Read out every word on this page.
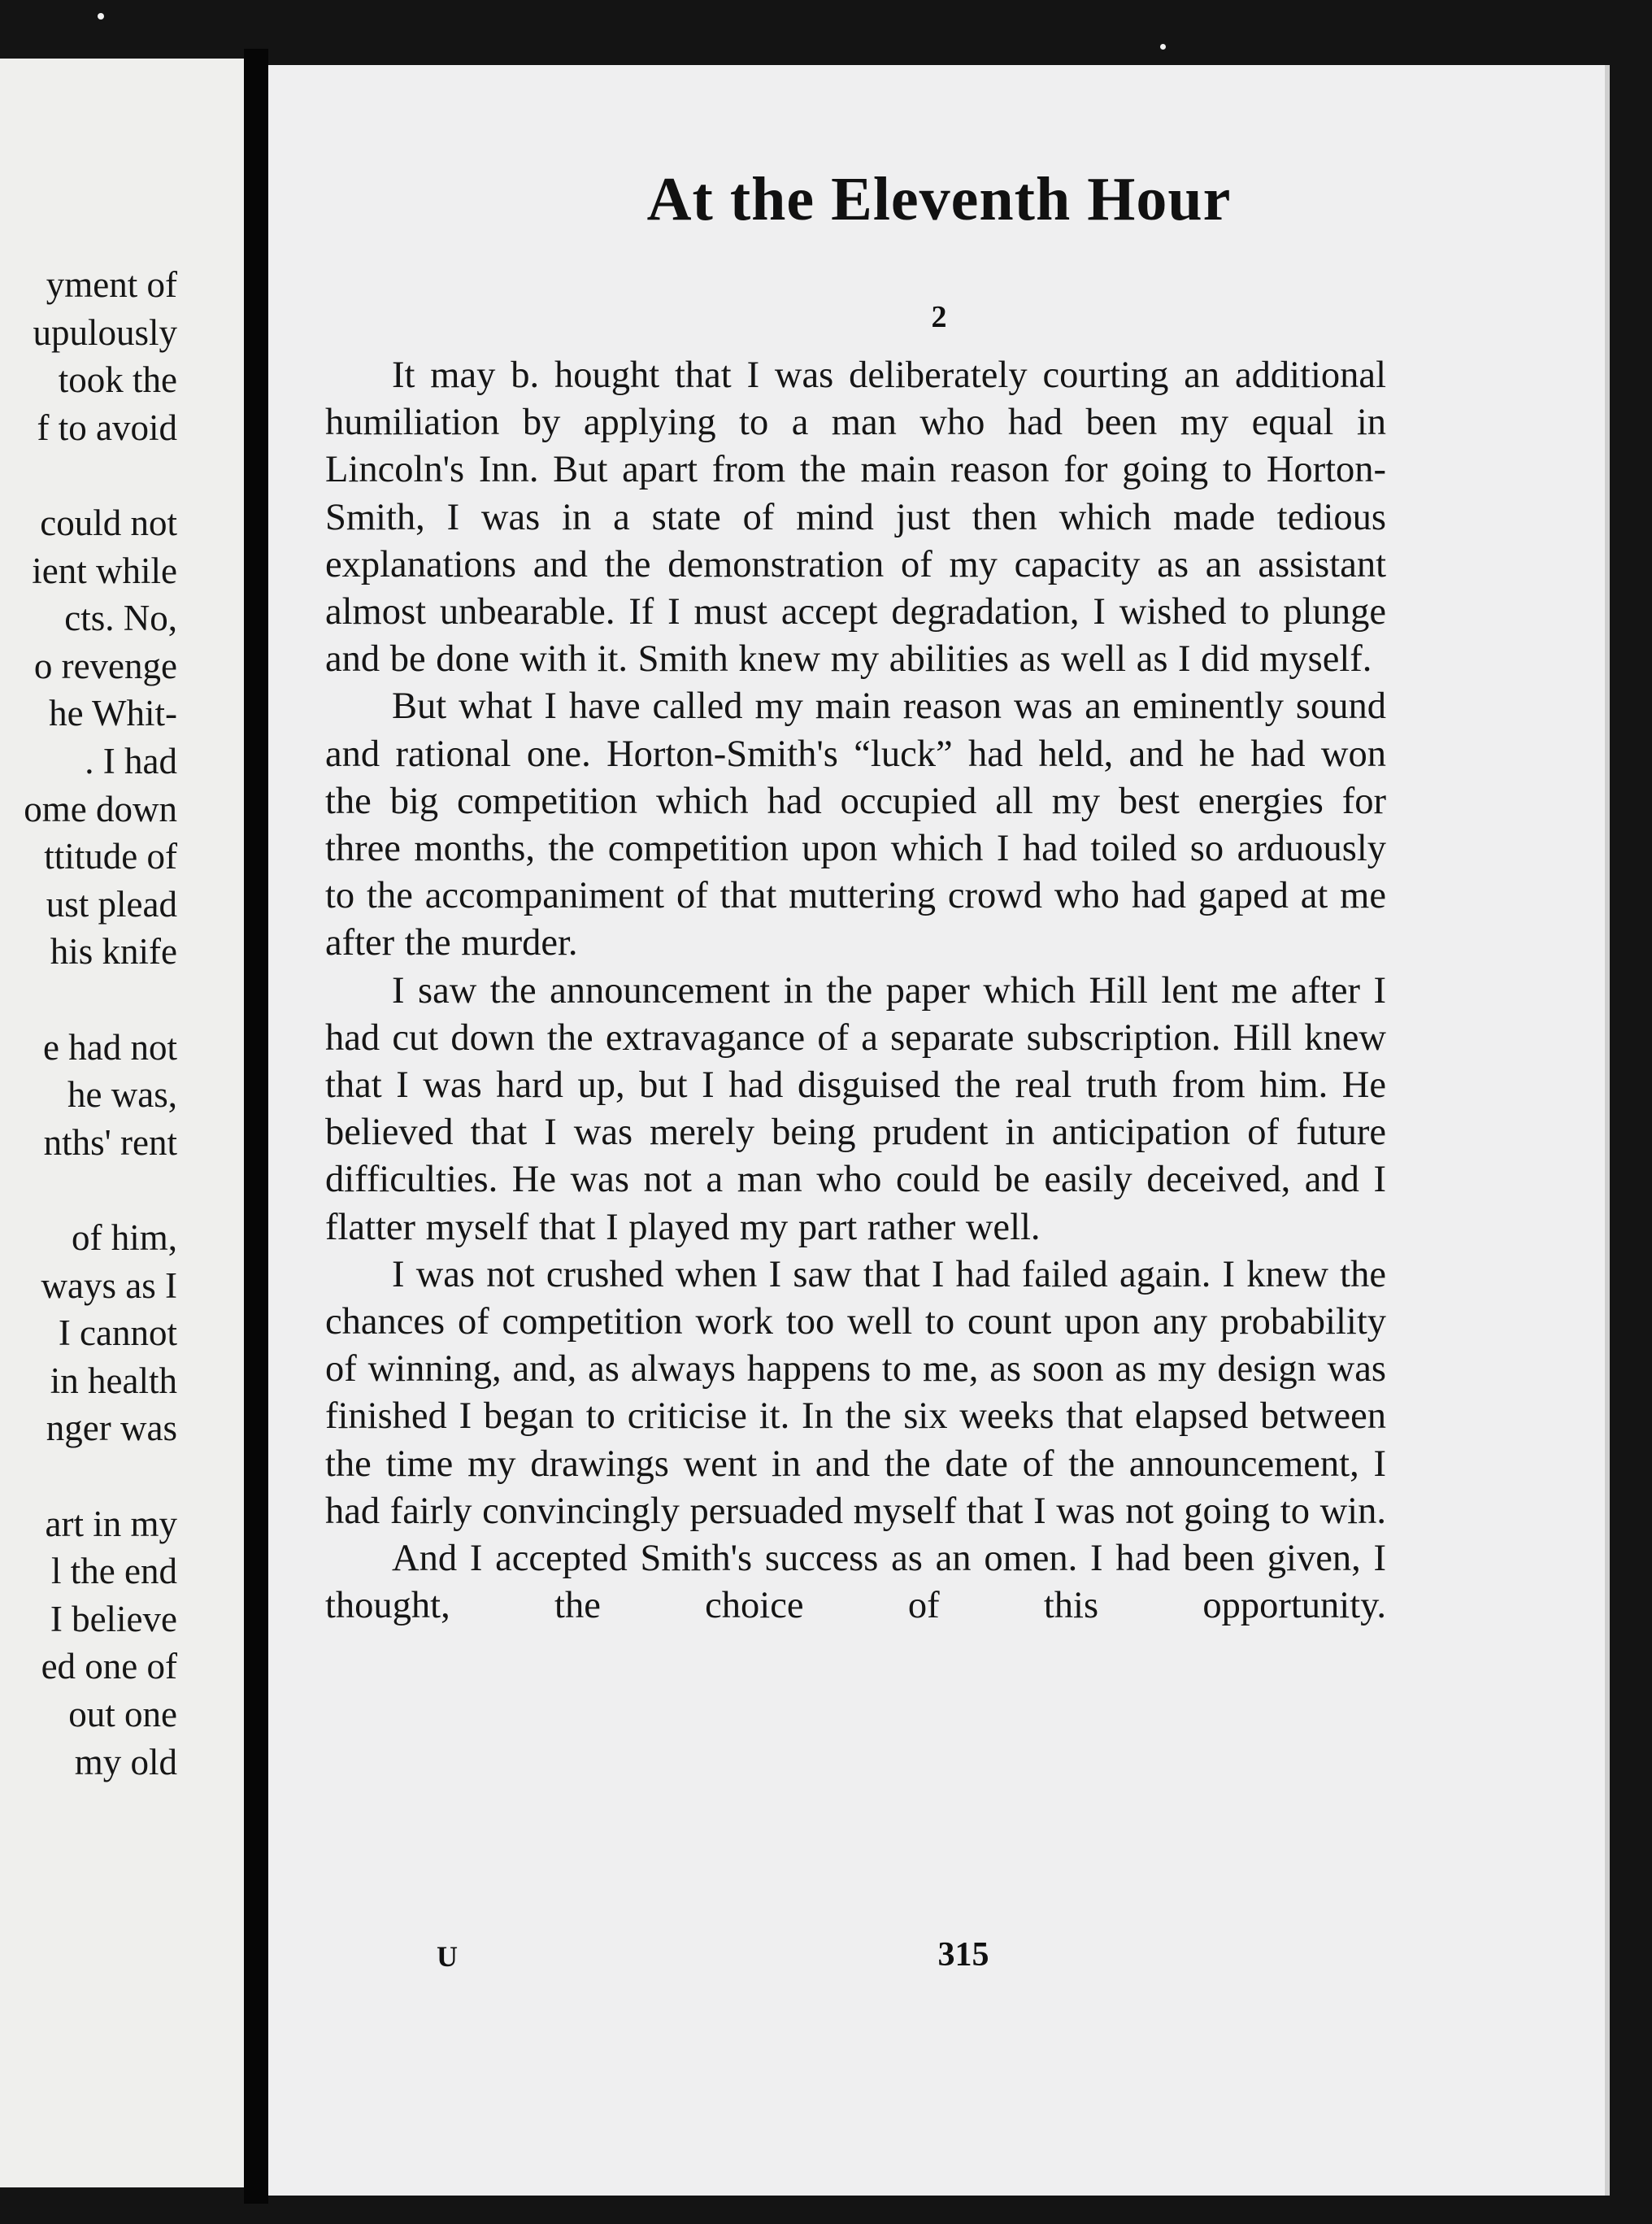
yment of
upulously
took the
f to avoid
could not
ient while
cts. No,
o revenge
he Whit-
. I had
ome down
ttitude of
ust plead
his knife
e had not
he was,
nths' rent
of him,
ways as I
I cannot
in health
nger was
art in my
l the end
I believe
ed one of
out one
my old
At the Eleventh Hour
2

It may b. hought that I was deliberately courting an additional humiliation by applying to a man who had been my equal in Lincoln's Inn. But apart from the main reason for going to Horton-Smith, I was in a state of mind just then which made tedious explanations and the demonstration of my capacity as an assistant almost unbearable. If I must accept degradation, I wished to plunge and be done with it. Smith knew my abilities as well as I did myself.

But what I have called my main reason was an eminently sound and rational one. Horton-Smith's “luck” had held, and he had won the big competition which had occupied all my best energies for three months, the competition upon which I had toiled so arduously to the accompaniment of that muttering crowd who had gaped at me after the murder.

I saw the announcement in the paper which Hill lent me after I had cut down the extravagance of a separate subscription. Hill knew that I was hard up, but I had disguised the real truth from him. He believed that I was merely being prudent in anticipation of future difficulties. He was not a man who could be easily deceived, and I flatter myself that I played my part rather well.

I was not crushed when I saw that I had failed again. I knew the chances of competition work too well to count upon any probability of winning, and, as always happens to me, as soon as my design was finished I began to criticise it. In the six weeks that elapsed between the time my drawings went in and the date of the announcement, I had fairly convincingly persuaded myself that I was not going to win.

And I accepted Smith's success as an omen. I had been given, I thought, the choice of this opportunity.

U	315
